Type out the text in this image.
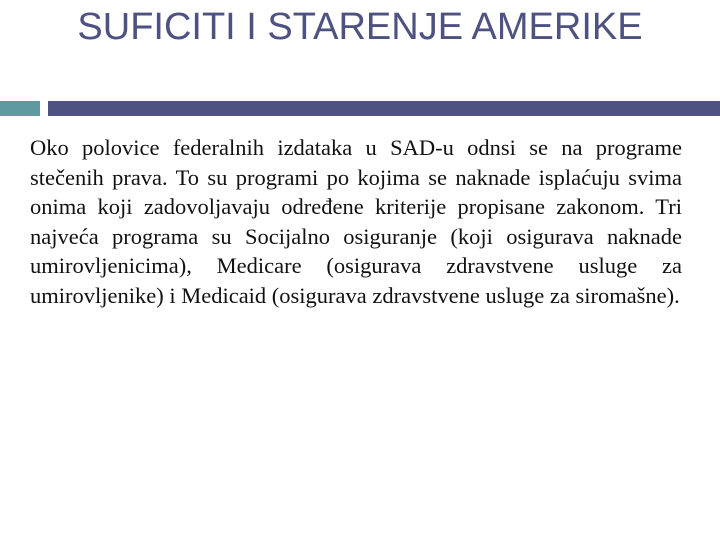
SUFICITI I STARENJE AMERIKE

Oko polovice federalnih izdataka u SAD-u odnsi se na programe stečenih prava. To su programi po kojima se naknade isplaćuju svima onima koji zadovoljavaju određene kriterije propisane zakonom. Tri najveća programa su Socijalno osiguranje (koji osigurava naknade umirovljenicima), Medicare (osigurava zdravstvene usluge za umirovljenike) i Medicaid (osigurava zdravstvene usluge za siromašne).
